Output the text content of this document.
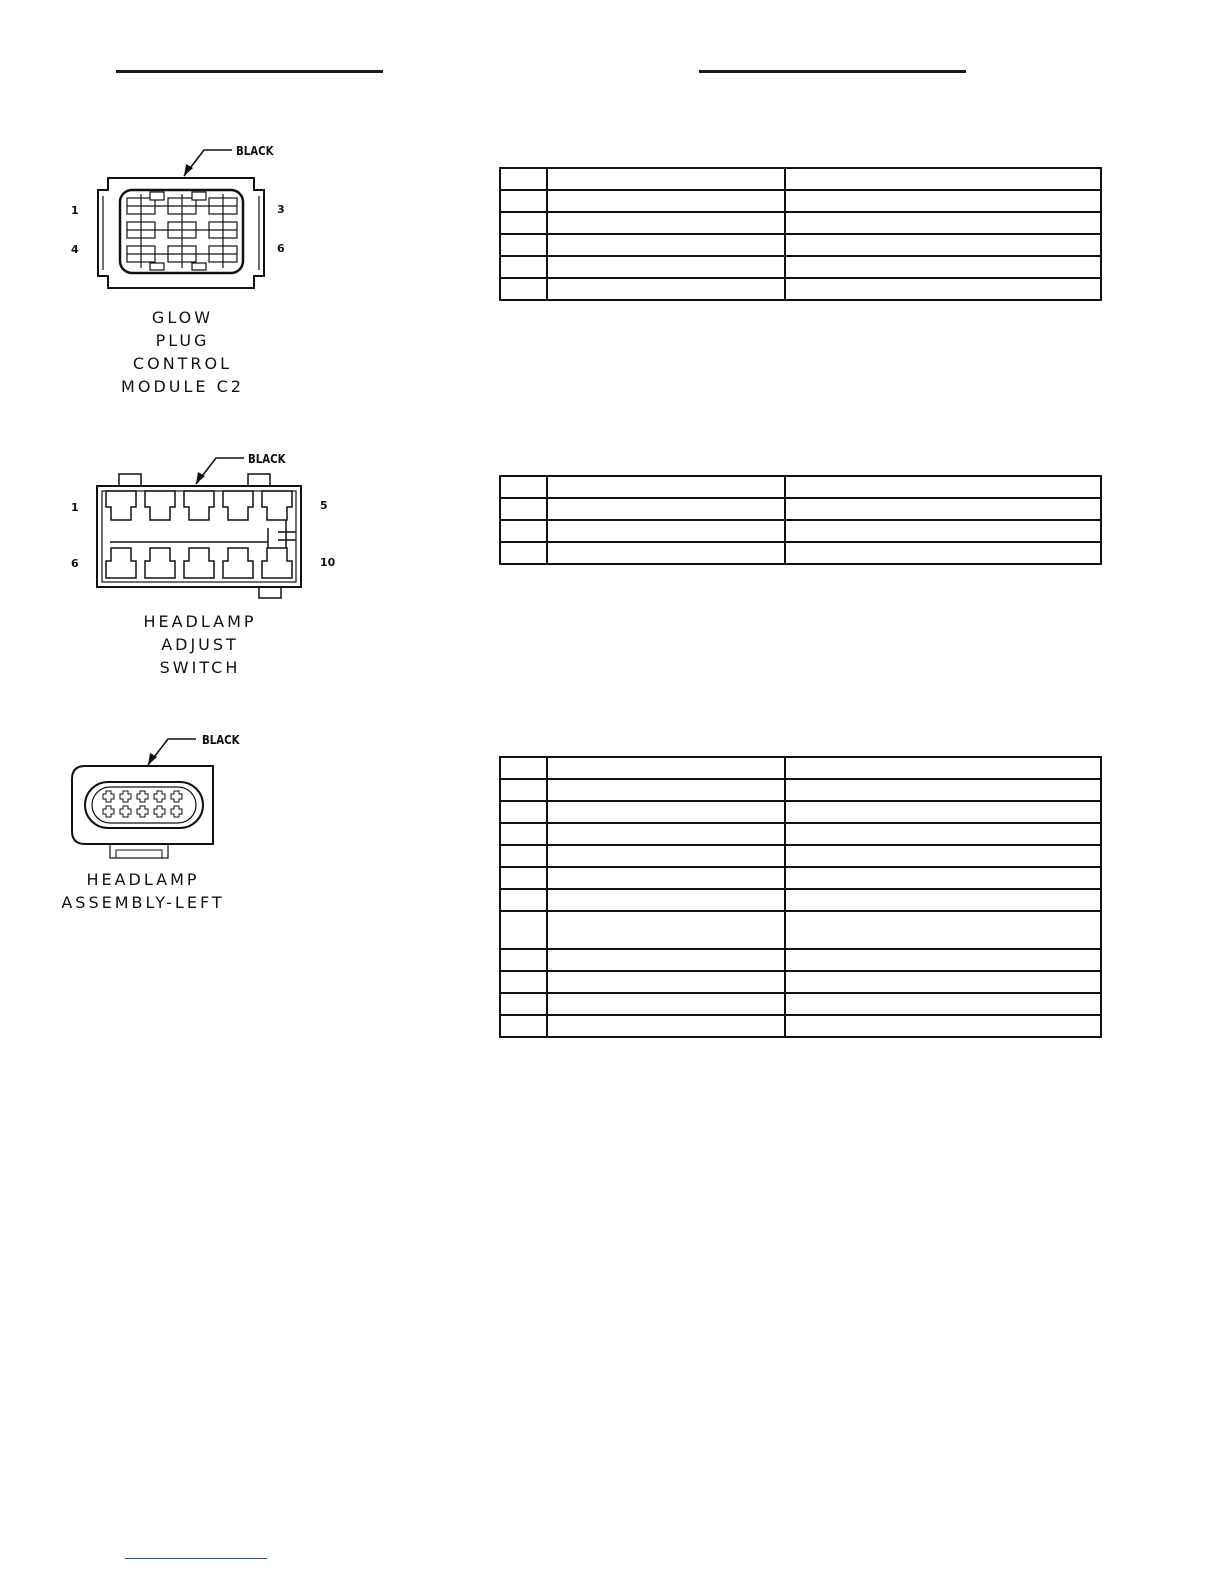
BLACK
1	3
4	6
GLOW
PLUG
CONTROL
MODULE C2

BLACK
1	5
6	10
HEADLAMP
ADJUST
SWITCH

BLACK
HEADLAMP
ASSEMBLY-LEFT
